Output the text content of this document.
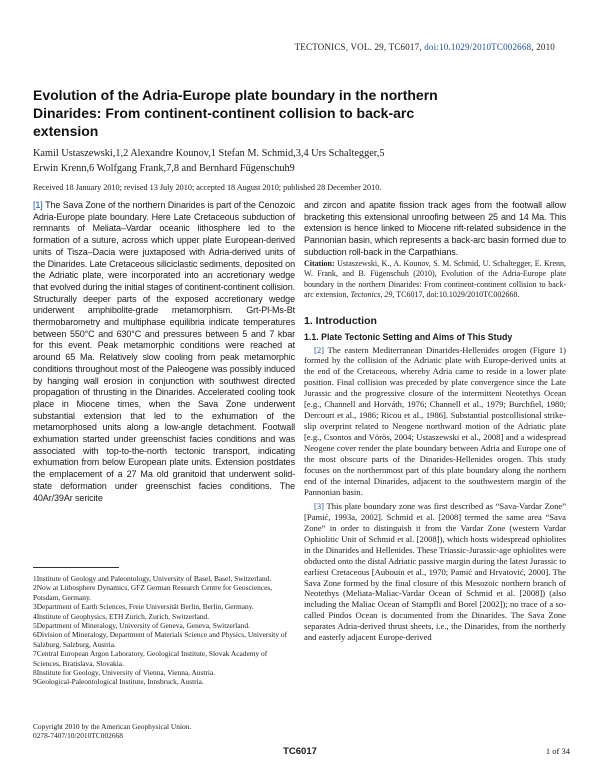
TECTONICS, VOL. 29, TC6017, doi:10.1029/2010TC002668, 2010
Evolution of the Adria-Europe plate boundary in the northern Dinarides: From continent-continent collision to back-arc extension
Kamil Ustaszewski,1,2 Alexandre Kounov,1 Stefan M. Schmid,3,4 Urs Schaltegger,5
Erwin Krenn,6 Wolfgang Frank,7,8 and Bernhard Fügenschuh9
Received 18 January 2010; revised 13 July 2010; accepted 18 August 2010; published 28 December 2010.
[1] The Sava Zone of the northern Dinarides is part of the Cenozoic Adria-Europe plate boundary. Here Late Cretaceous subduction of remnants of Meliata–Vardar oceanic lithosphere led to the formation of a suture, across which upper plate European-derived units of Tisza–Dacia were juxtaposed with Adria-derived units of the Dinarides. Late Cretaceous siliciclastic sediments, deposited on the Adriatic plate, were incorporated into an accretionary wedge that evolved during the initial stages of continent-continent collision. Structurally deeper parts of the exposed accretionary wedge underwent amphibolite-grade metamorphism. Grt-Pl-Ms-Bt thermobarometry and multiphase equilibria indicate temperatures between 550°C and 630°C and pressures between 5 and 7 kbar for this event. Peak metamorphic conditions were reached at around 65 Ma. Relatively slow cooling from peak metamorphic conditions throughout most of the Paleogene was possibly induced by hanging wall erosion in conjunction with southwest directed propagation of thrusting in the Dinarides. Accelerated cooling took place in Miocene times, when the Sava Zone underwent substantial extension that led to the exhumation of the metamorphosed units along a low-angle detachment. Footwall exhumation started under greenschist facies conditions and was associated with top-to-the-north tectonic transport, indicating exhumation from below European plate units. Extension postdates the emplacement of a 27 Ma old granitoid that underwent solid-state deformation under greenschist facies conditions. The 40Ar/39Ar sericite
and zircon and apatite fission track ages from the footwall allow bracketing this extensional unroofing between 25 and 14 Ma. This extension is hence linked to Miocene rift-related subsidence in the Pannonian basin, which represents a back-arc basin formed due to subduction roll-back in the Carpathians.
Citation: Ustaszewski, K., A. Kounov, S. M. Schmid, U. Schaltegger, E. Krenn, W. Frank, and B. Fügenschuh (2010), Evolution of the Adria-Europe plate boundary in the northern Dinarides: From continent-continent collision to back-arc extension, Tectonics, 29, TC6017, doi:10.1029/2010TC002668.
1. Introduction
1.1. Plate Tectonic Setting and Aims of This Study

[2] The eastern Mediterranean Dinarides-Hellenides orogen (Figure 1) formed by the collision of the Adriatic plate with Europe-derived units at the end of the Cretaceous, whereby Adria came to reside in a lower plate position. Final collision was preceded by plate convergence since the Late Jurassic and the progressive closure of the intermittent Neotethys Ocean [e.g., Channell and Horváth, 1976; Channell et al., 1979; Burchfiel, 1980; Dercourt et al., 1986; Ricou et al., 1986]. Substantial postcollisional strike-slip overprint related to Neogene northward motion of the Adriatic plate [e.g., Csontos and Vörös, 2004; Ustaszewski et al., 2008] and a widespread Neogene cover render the plate boundary between Adria and Europe one of the most obscure parts of the Dinarides-Hellenides orogen. This study focuses on the northernmost part of this plate boundary along the northern end of the internal Dinarides, adjacent to the southwestern margin of the Pannonian basin.

[3] This plate boundary zone was first described as “Sava-Vardar Zone” [Pamić, 1993a, 2002]. Schmid et al. [2008] termed the same area “Sava Zone” in order to distinguish it from the Vardar Zone (western Vardar Ophiolitic Unit of Schmid et al. [2008]), which hosts widespread ophiolites in the Dinarides and Hellenides. These Triassic-Jurassic-age ophiolites were obducted onto the distal Adriatic passive margin during the latest Jurassic to earliest Cretaceous [Aubouin et al., 1970; Pamić and Hrvatović, 2000]. The Sava Zone formed by the final closure of this Mesozoic northern branch of Neotethys (Meliata-Maliac-Vardar Ocean of Schmid et al. [2008]) (also including the Maliac Ocean of Stampfli and Borel [2002]); no trace of a so-called Pindos Ocean is documented from the Dinarides. The Sava Zone separates Adria-derived thrust sheets, i.e., the Dinarides, from the northerly and easterly adjacent Europe-derived

1Institute of Geology and Paleontology, University of Basel, Basel, Switzerland.

2Now at Lithosphere Dynamics, GFZ German Research Centre for Geosciences, Potsdam, Germany.

3Department of Earth Sciences, Freie Universität Berlin, Berlin, Germany.

4Institute of Geophysics, ETH Zurich, Zurich, Switzerland.

5Department of Mineralogy, University of Geneva, Geneva, Switzerland.

6Division of Mineralogy, Department of Materials Science and Physics, University of Salzburg, Salzburg, Austria.

7Central European Argon Laboratory, Geological Institute, Slovak Academy of Sciences, Bratislava, Slovakia.

8Institute for Geology, University of Vienna, Vienna, Austria.

9Geological-Paleontological Institute, Innsbruck, Austria.

Copyright 2010 by the American Geophysical Union.
0278-7407/10/2010TC002668
TC6017	1 of 34
